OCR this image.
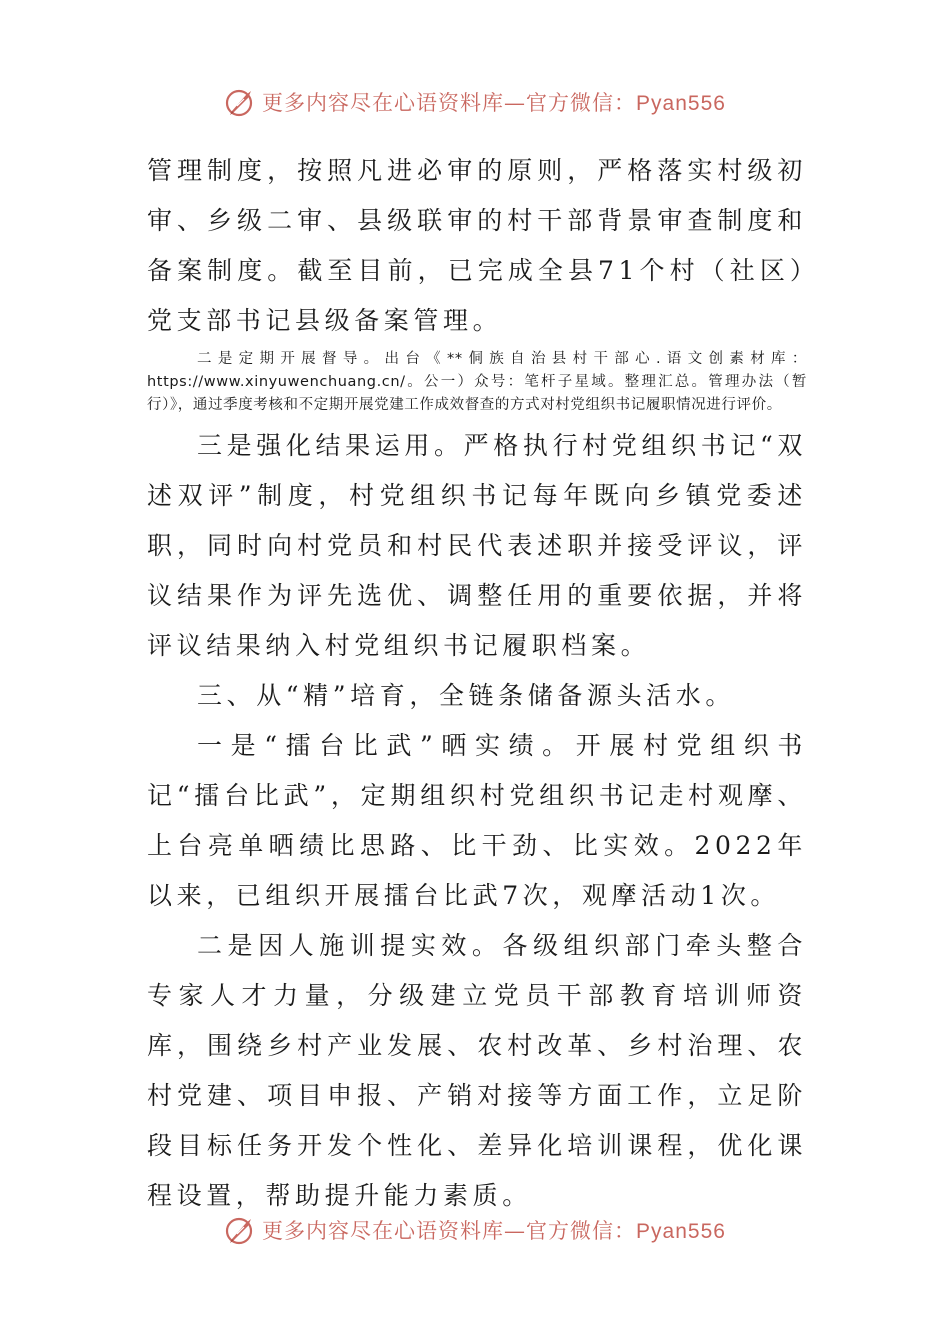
更多内容尽在心语资料库—官方微信：Pyan556

管理制度，按照凡进必审的原则，严格落实村级初审、乡级二审、县级联审的村干部背景审查制度和备案制度。截至目前，已完成全县71个村（社区）党支部书记县级备案管理。

二是定期开展督导。出台《**侗族自治县村干部心.语文创素材库：https://www.xinyuwenchuang.cn/。公一）众号：笔杆子星域。整理汇总。管理办法（暂行）》，通过季度考核和不定期开展党建工作成效督查的方式对村党组织书记履职情况进行评价。

三是强化结果运用。严格执行村党组织书记“双述双评”制度，村党组织书记每年既向乡镇党委述职，同时向村党员和村民代表述职并接受评议，评议结果作为评先选优、调整任用的重要依据，并将评议结果纳入村党组织书记履职档案。

三、从“精”培育，全链条储备源头活水。

一是“擂台比武”晒实绩。开展村党组织书记“擂台比武”，定期组织村党组织书记走村观摩、上台亮单晒绩比思路、比干劲、比实效。2022年以来，已组织开展擂台比武7次，观摩活动1次。

二是因人施训提实效。各级组织部门牵头整合专家人才力量，分级建立党员干部教育培训师资库，围绕乡村产业发展、农村改革、乡村治理、农村党建、项目申报、产销对接等方面工作，立足阶段目标任务开发个性化、差异化培训课程，优化课程设置，帮助提升能力素质。

更多内容尽在心语资料库—官方微信：Pyan556
